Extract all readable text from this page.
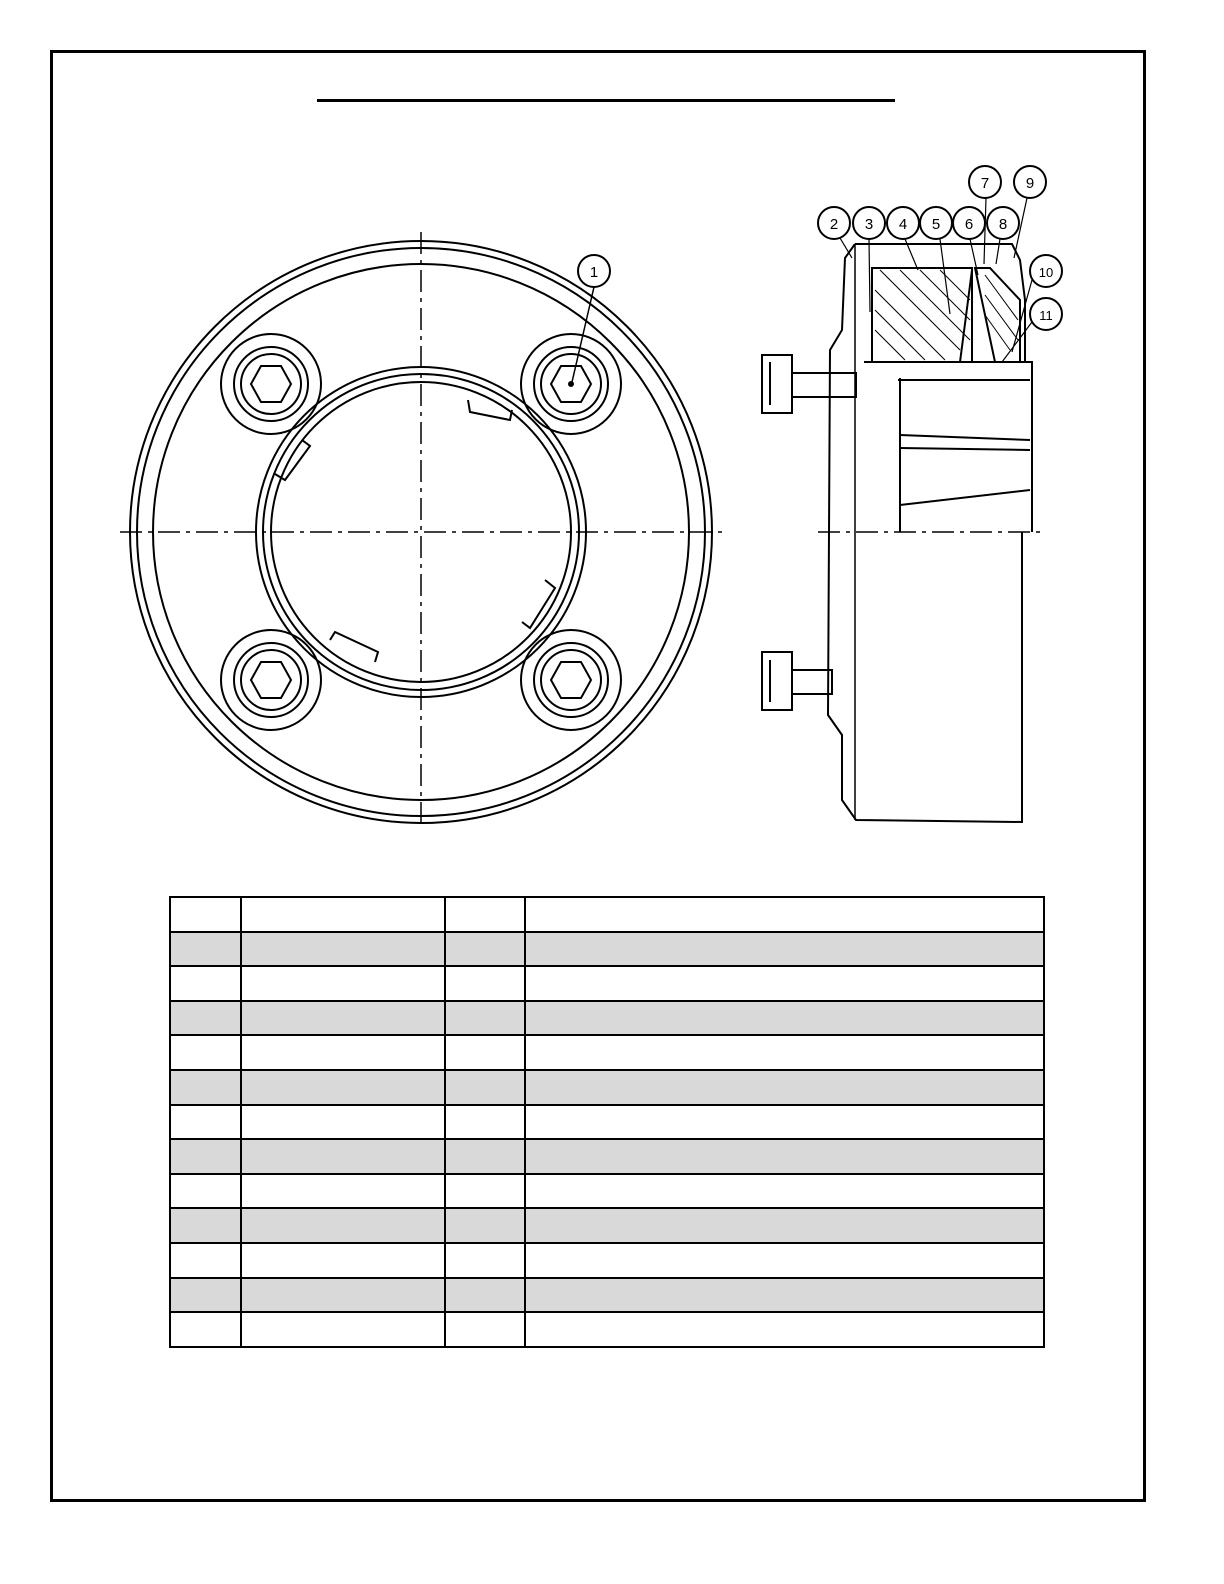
1
2 3 4 5 6
7
8
9
10
11
